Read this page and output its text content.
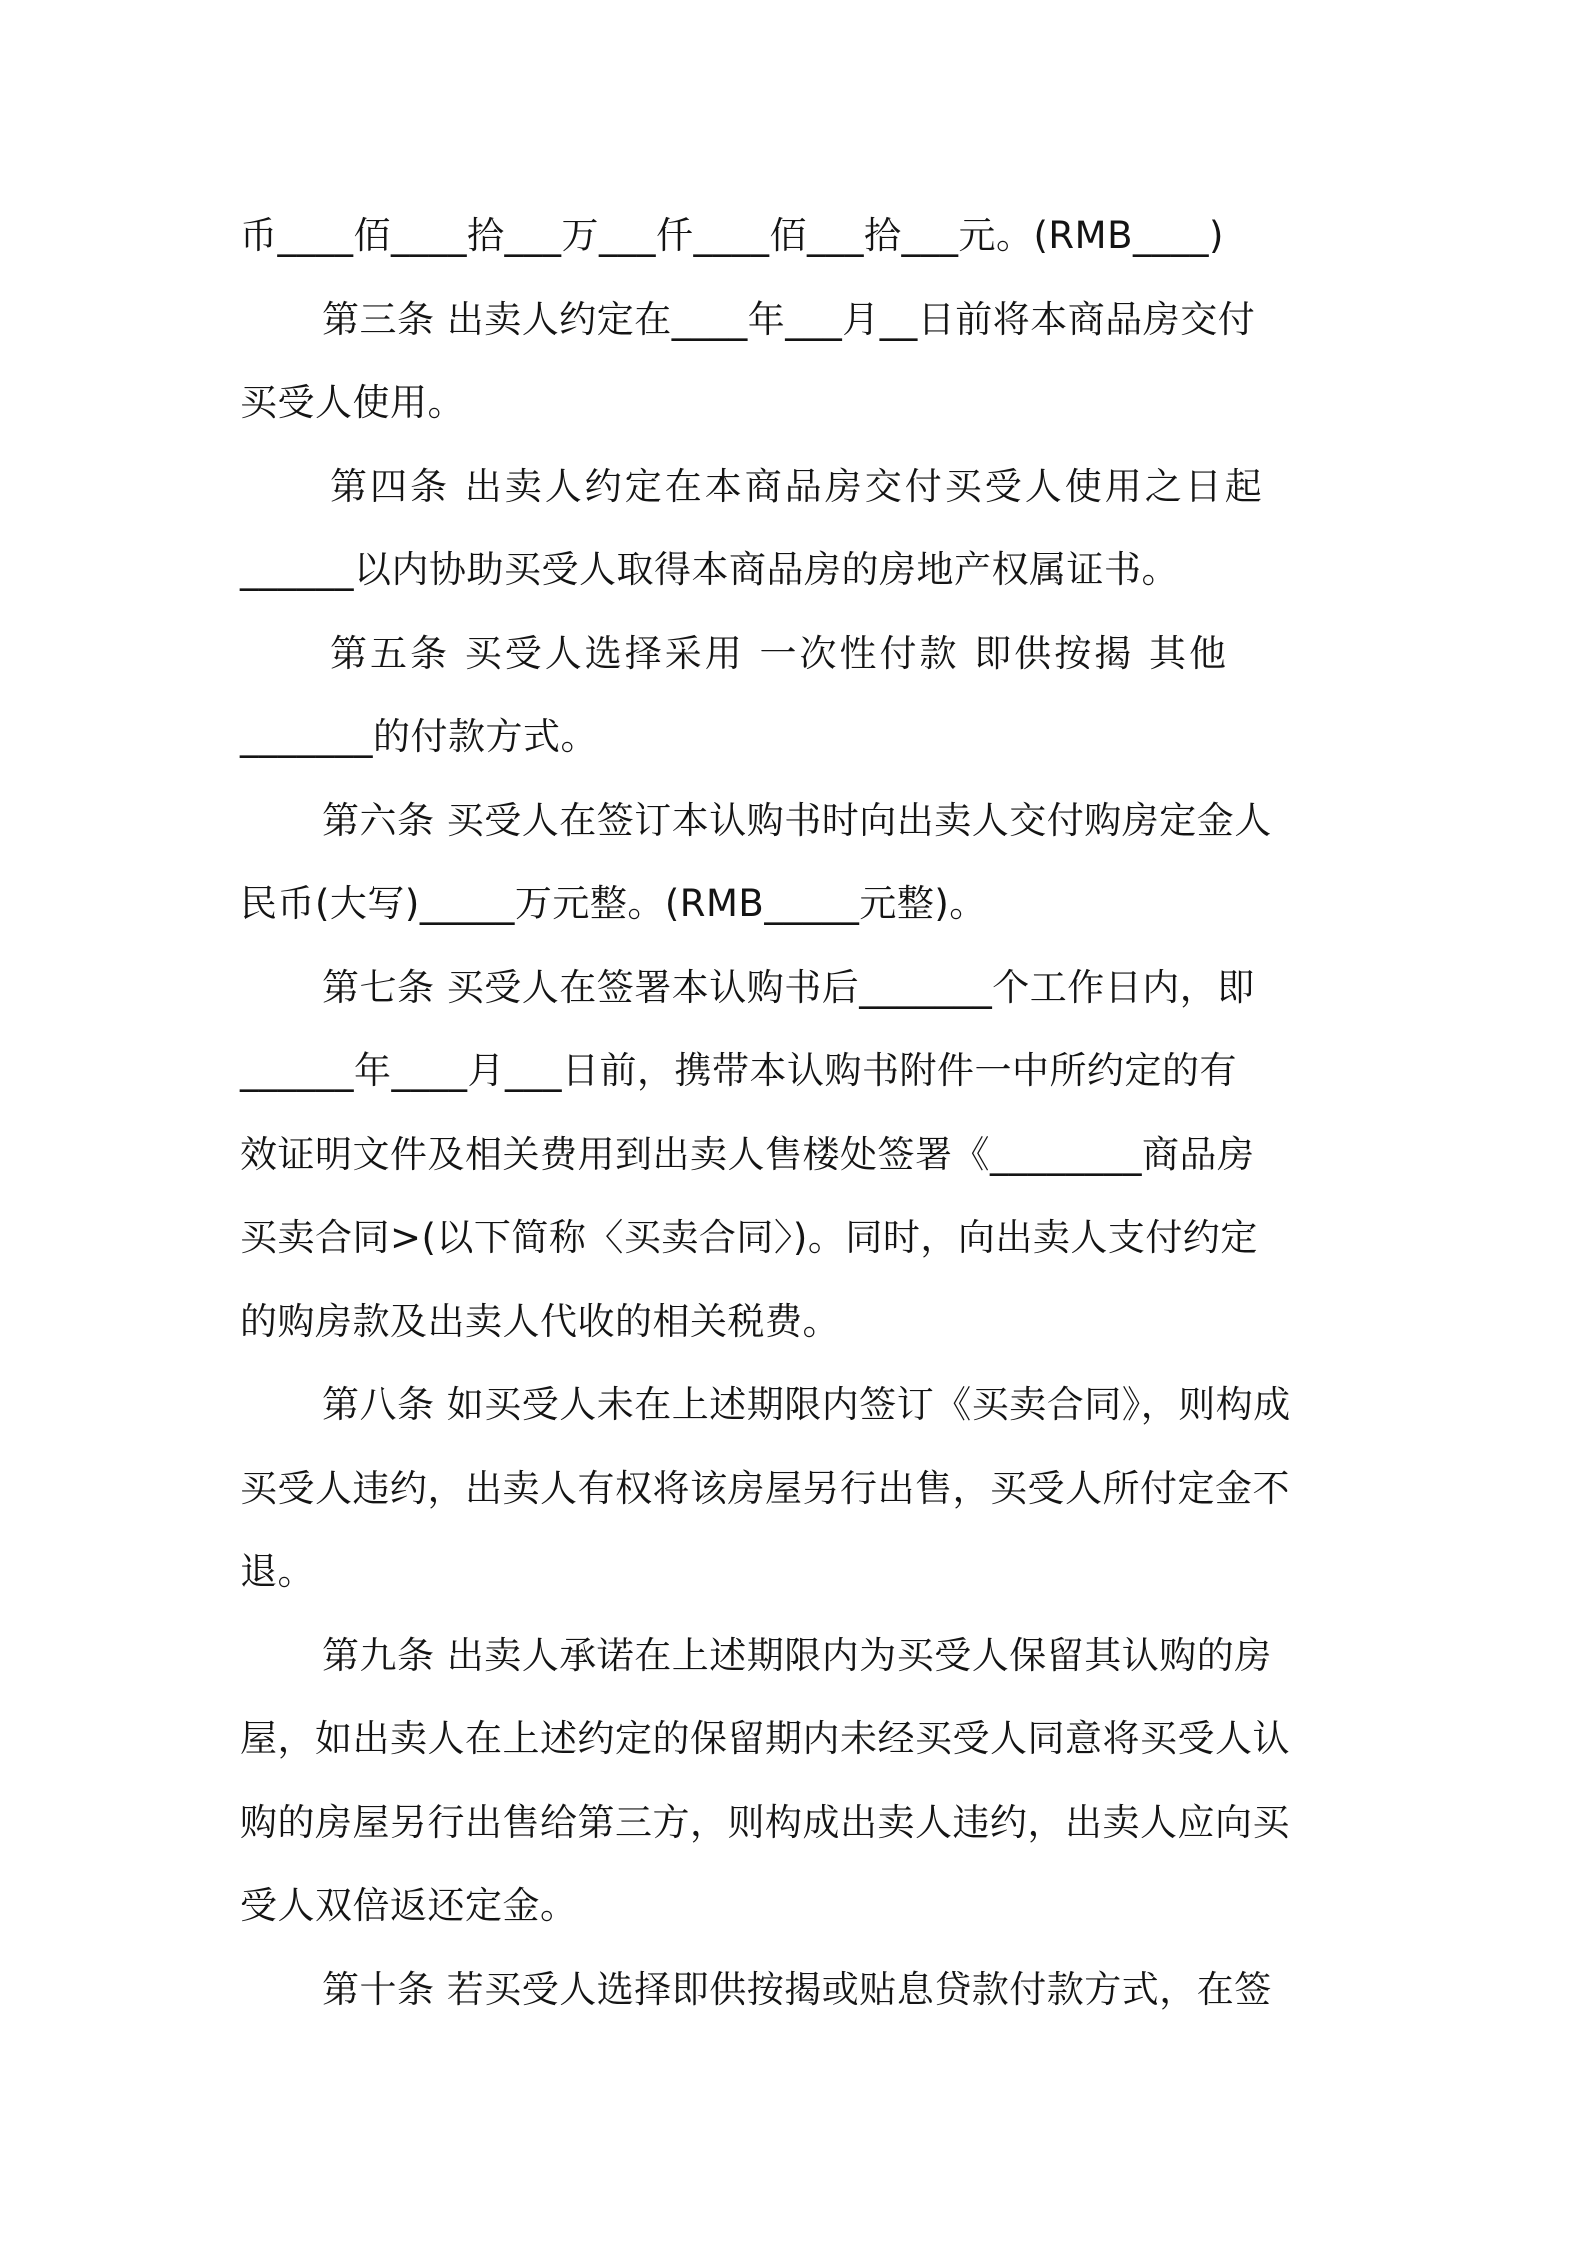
币____佰____拾___万___仟____佰___拾___元。(RMB____)
第三条 出卖人约定在____年___月__日前将本商品房交付
买受人使用。
第四条 出卖人约定在本商品房交付买受人使用之日起
______以内协助买受人取得本商品房的房地产权属证书。
第五条 买受人选择采用 一次性付款 即供按揭 其他
_______的付款方式。
第六条 买受人在签订本认购书时向出卖人交付购房定金人
民币(大写)_____万元整。(RMB_____元整)。
第七条 买受人在签署本认购书后_______个工作日内，即
______年____月___日前，携带本认购书附件一中所约定的有
效证明文件及相关费用到出卖人售楼处签署《________商品房
买卖合同>(以下简称〈买卖合同〉)。同时，向出卖人支付约定
的购房款及出卖人代收的相关税费。
第八条 如买受人未在上述期限内签订《买卖合同》，则构成
买受人违约，出卖人有权将该房屋另行出售，买受人所付定金不
退。
第九条 出卖人承诺在上述期限内为买受人保留其认购的房
屋，如出卖人在上述约定的保留期内未经买受人同意将买受人认
购的房屋另行出售给第三方，则构成出卖人违约，出卖人应向买
受人双倍返还定金。
第十条 若买受人选择即供按揭或贴息贷款付款方式，在签
